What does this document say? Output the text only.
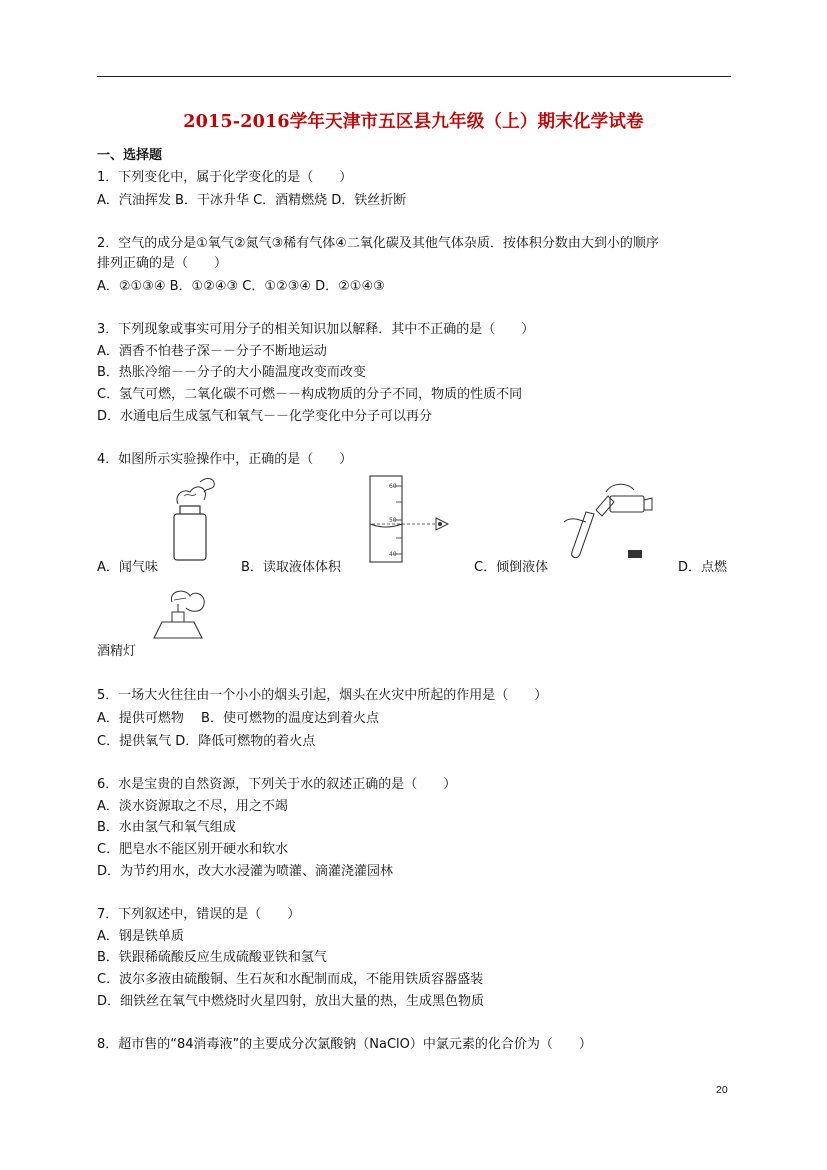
2015-2016学年天津市五区县九年级（上）期末化学试卷
一、选择题
1．下列变化中，属于化学变化的是（　　）
A．汽油挥发 B．干冰升华 C．酒精燃烧 D．铁丝折断
2．空气的成分是①氧气②氮气③稀有气体④二氧化碳及其他气体杂质．按体积分数由大到小的顺序
排列正确的是（　　）
A．②①③④ B．①②④③ C．①②③④ D．②①④③
3．下列现象或事实可用分子的相关知识加以解释．其中不正确的是（　　）
A．酒香不怕巷子深－－分子不断地运动
B．热胀冷缩－－分子的大小随温度改变而改变
C．氢气可燃，二氧化碳不可燃－－构成物质的分子不同，物质的性质不同
D．水通电后生成氢气和氧气－－化学变化中分子可以再分
4．如图所示实验操作中，正确的是（　　）
A．闻气味
60
50
40
B．读取液体体积	C．倾倒液体	D．点燃
酒精灯
5．一场大火往往由一个小小的烟头引起，烟头在火灾中所起的作用是（　　）
A．提供可燃物　 B．使可燃物的温度达到着火点
C．提供氧气 D．降低可燃物的着火点
6．水是宝贵的自然资源，下列关于水的叙述正确的是（　　）
A．淡水资源取之不尽，用之不竭
B．水由氢气和氧气组成
C．肥皂水不能区别开硬水和软水
D．为节约用水，改大水浸灌为喷灌、滴灌浇灌园林
7．下列叙述中，错误的是（　　）
A．钢是铁单质
B．铁跟稀硫酸反应生成硫酸亚铁和氢气
C．波尔多液由硫酸铜、生石灰和水配制而成，不能用铁质容器盛装
D．细铁丝在氧气中燃烧时火星四射，放出大量的热，生成黑色物质
8．超市售的“84消毒液”的主要成分次氯酸钠（NaClO）中氯元素的化合价为（　　）
20
